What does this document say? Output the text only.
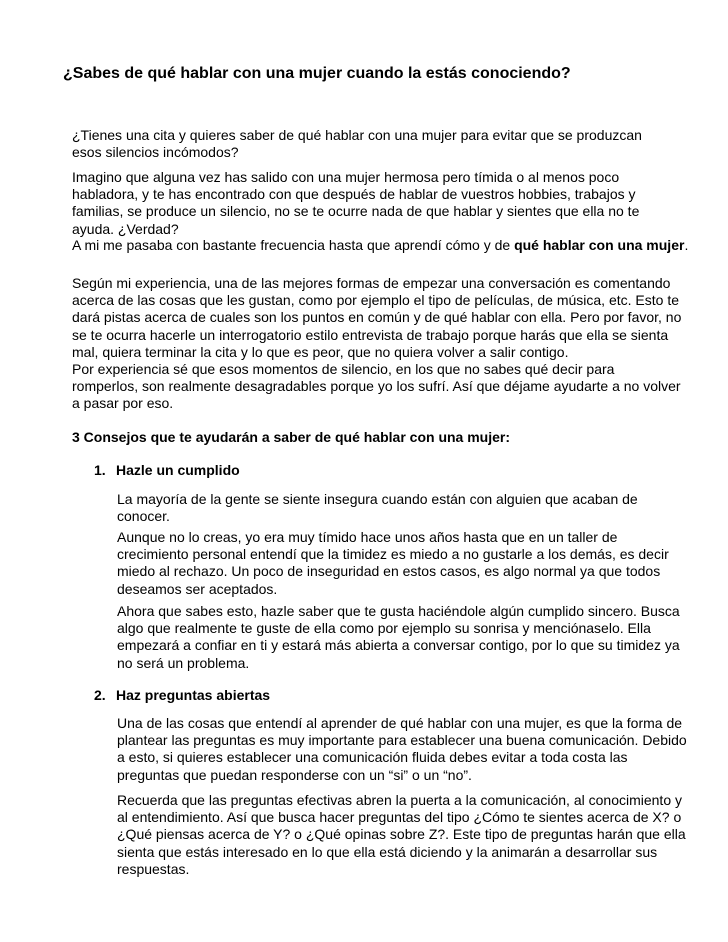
¿Sabes de qué hablar con una mujer cuando la estás conociendo?

¿Tienes una cita y quieres saber de qué hablar con una mujer para evitar que se produzcan esos silencios incómodos?

Imagino que alguna vez has salido con una mujer hermosa pero tímida o al menos poco habladora, y te has encontrado con que después de hablar de vuestros hobbies, trabajos y familias, se produce un silencio, no se te ocurre nada de que hablar y sientes que ella no te ayuda. ¿Verdad?

A mi me pasaba con bastante frecuencia hasta que aprendí cómo y de qué hablar con una mujer.

Según mi experiencia, una de las mejores formas de empezar una conversación es comentando acerca de las cosas que les gustan, como por ejemplo el tipo de películas, de música, etc. Esto te dará pistas acerca de cuales son los puntos en común y de qué hablar con ella. Pero por favor, no se te ocurra hacerle un interrogatorio estilo entrevista de trabajo porque harás que ella se sienta mal, quiera terminar la cita y lo que es peor, que no quiera volver a salir contigo.

Por experiencia sé que esos momentos de silencio, en los que no sabes qué decir para romperlos, son realmente desagradables porque yo los sufrí. Así que déjame ayudarte a no volver a pasar por eso.

3 Consejos que te ayudarán a saber de qué hablar con una mujer:

1. Hazle un cumplido

La mayoría de la gente se siente insegura cuando están con alguien que acaban de conocer.

Aunque no lo creas, yo era muy tímido hace unos años hasta que en un taller de crecimiento personal entendí que la timidez es miedo a no gustarle a los demás, es decir miedo al rechazo. Un poco de inseguridad en estos casos, es algo normal ya que todos deseamos ser aceptados.

Ahora que sabes esto, hazle saber que te gusta haciéndole algún cumplido sincero. Busca algo que realmente te guste de ella como por ejemplo su sonrisa y menciónaselo. Ella empezará a confiar en ti y estará más abierta a conversar contigo, por lo que su timidez ya no será un problema.

2. Haz preguntas abiertas

Una de las cosas que entendí al aprender de qué hablar con una mujer, es que la forma de plantear las preguntas es muy importante para establecer una buena comunicación. Debido a esto, si quieres establecer una comunicación fluida debes evitar a toda costa las preguntas que puedan responderse con un “si” o un “no”.

Recuerda que las preguntas efectivas abren la puerta a la comunicación, al conocimiento y al entendimiento. Así que busca hacer preguntas del tipo ¿Cómo te sientes acerca de X? o ¿Qué piensas acerca de Y? o ¿Qué opinas sobre Z?. Este tipo de preguntas harán que ella sienta que estás interesado en lo que ella está diciendo y la animarán a desarrollar sus respuestas.
